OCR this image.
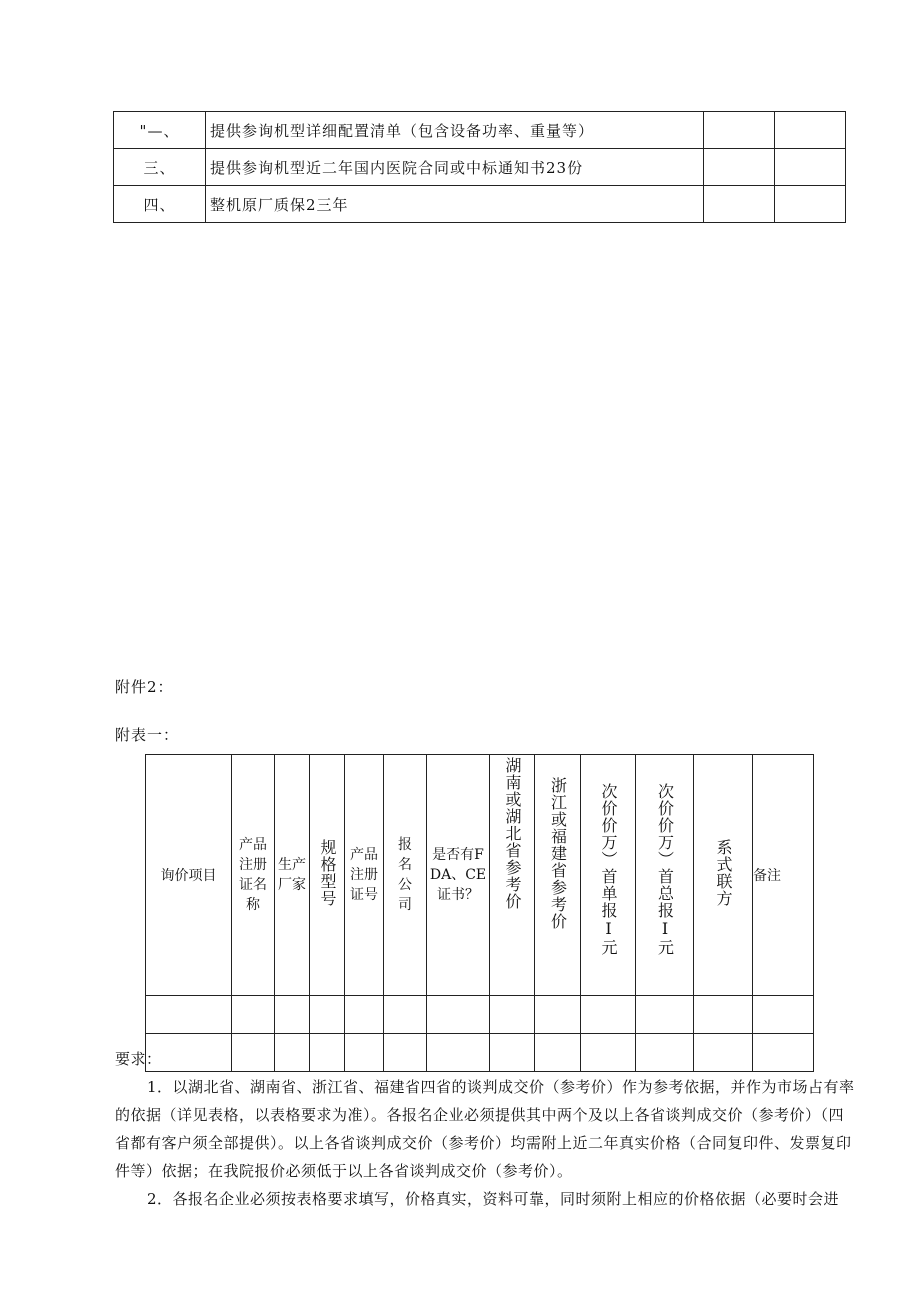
"—、	提供参询机型详细配置清单（包含设备功率、重量等）		
三、	提供参询机型近二年国内医院合同或中标通知书23份		
四、	整机原厂质保2三年		
附件2：
附表一：
询价项目	产品注册证名称	生产厂家	规格型号	产品注册证号	报名公司	是否有FDA、CE证书？	湖南或湖北省参考价	浙江或福建省参考价	次价价万）首单报I元	次价价万）首总报I元	系式联方	备注

要求：

1．以湖北省、湖南省、浙江省、福建省四省的谈判成交价（参考价）作为参考依据，并作为市场占有率的依据（详见表格，以表格要求为准）。各报名企业必须提供其中两个及以上各省谈判成交价（参考价）（四省都有客户须全部提供）。以上各省谈判成交价（参考价）均需附上近二年真实价格（合同复印件、发票复印件等）依据；在我院报价必须低于以上各省谈判成交价（参考价）。

2．各报名企业必须按表格要求填写，价格真实，资料可靠，同时须附上相应的价格依据（必要时会进
